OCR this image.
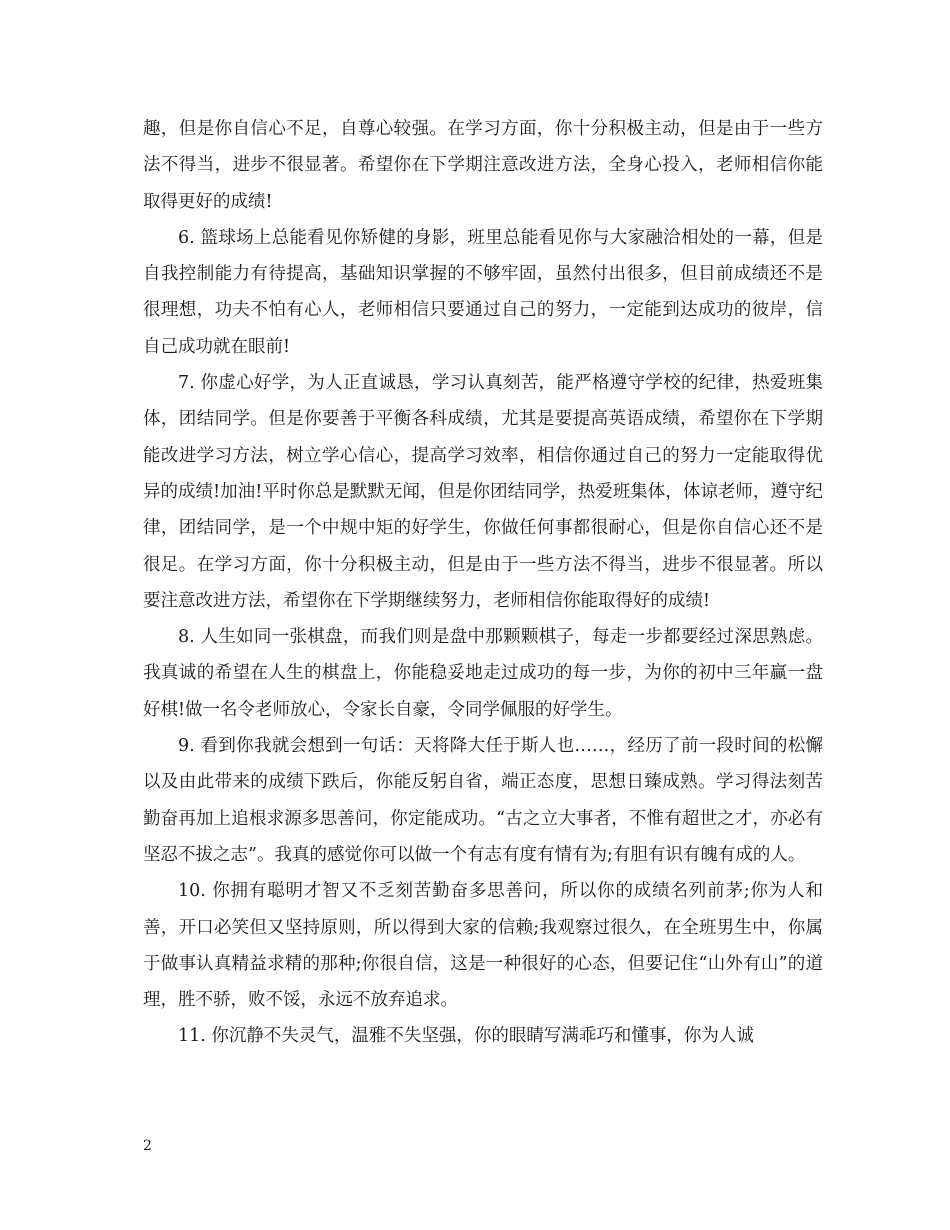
趣，但是你自信心不足，自尊心较强。在学习方面，你十分积极主动，但是由于一些方法不得当，进步不很显著。希望你在下学期注意改进方法，全身心投入，老师相信你能取得更好的成绩!

6. 篮球场上总能看见你矫健的身影，班里总能看见你与大家融洽相处的一幕，但是自我控制能力有待提高，基础知识掌握的不够牢固，虽然付出很多，但目前成绩还不是很理想，功夫不怕有心人，老师相信只要通过自己的努力，一定能到达成功的彼岸，信自己成功就在眼前!

7. 你虚心好学，为人正直诚恳，学习认真刻苦，能严格遵守学校的纪律，热爱班集体，团结同学。但是你要善于平衡各科成绩，尤其是要提高英语成绩，希望你在下学期能改进学习方法，树立学心信心，提高学习效率，相信你通过自己的努力一定能取得优异的成绩!加油!平时你总是默默无闻，但是你团结同学，热爱班集体，体谅老师，遵守纪律，团结同学，是一个中规中矩的好学生，你做任何事都很耐心，但是你自信心还不是很足。在学习方面，你十分积极主动，但是由于一些方法不得当，进步不很显著。所以要注意改进方法，希望你在下学期继续努力，老师相信你能取得好的成绩!

8. 人生如同一张棋盘，而我们则是盘中那颗颗棋子，每走一步都要经过深思熟虑。我真诚的希望在人生的棋盘上，你能稳妥地走过成功的每一步，为你的初中三年赢一盘好棋!做一名令老师放心，令家长自豪，令同学佩服的好学生。

9. 看到你我就会想到一句话：天将降大任于斯人也……，经历了前一段时间的松懈以及由此带来的成绩下跌后，你能反躬自省，端正态度，思想日臻成熟。学习得法刻苦勤奋再加上追根求源多思善问，你定能成功。“古之立大事者，不惟有超世之才，亦必有坚忍不拔之志”。我真的感觉你可以做一个有志有度有情有为;有胆有识有魄有成的人。

10. 你拥有聪明才智又不乏刻苦勤奋多思善问，所以你的成绩名列前茅;你为人和善，开口必笑但又坚持原则，所以得到大家的信赖;我观察过很久，在全班男生中，你属于做事认真精益求精的那种;你很自信，这是一种很好的心态，但要记住“山外有山”的道理，胜不骄，败不馁，永远不放弃追求。

11. 你沉静不失灵气，温雅不失坚强，你的眼睛写满乖巧和懂事，你为人诚

2
